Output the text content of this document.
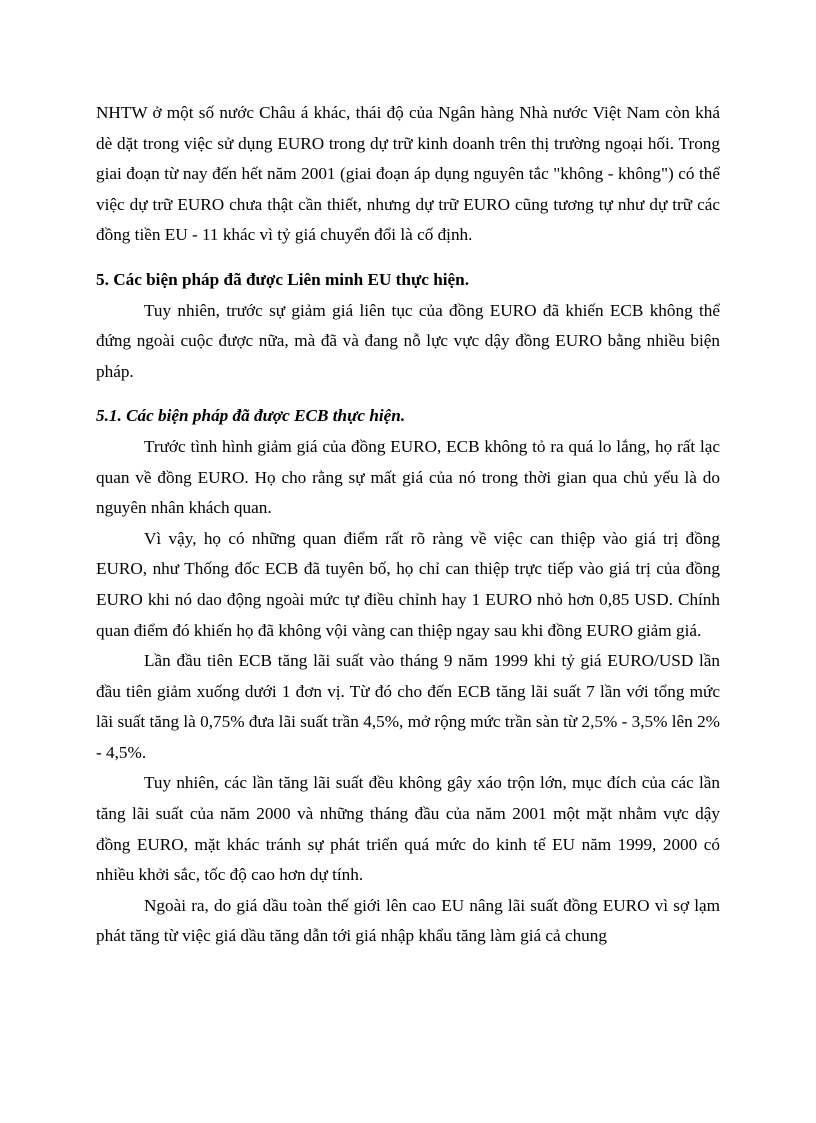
NHTW ở một số nước Châu á khác, thái độ của Ngân hàng Nhà nước Việt Nam còn khá dè dặt trong việc sử dụng EURO trong dự trữ kinh doanh trên thị trường ngoại hối. Trong giai đoạn từ nay đến hết năm 2001 (giai đoạn áp dụng nguyên tắc "không - không") có thể việc dự trữ EURO chưa thật cần thiết, nhưng dự trữ EURO cũng tương tự như dự trữ các đồng tiền EU - 11 khác vì tỷ giá chuyển đổi là cố định.

5. Các biện pháp đã được Liên minh EU thực hiện.

Tuy nhiên, trước sự giảm giá liên tục của đồng EURO đã khiến ECB không thể đứng ngoài cuộc được nữa, mà đã và đang nỗ lực vực dậy đồng EURO bằng nhiều biện pháp.

5.1. Các biện pháp đã được ECB thực hiện.

Trước tình hình giảm giá của đồng EURO, ECB không tỏ ra quá lo lắng, họ rất lạc quan về đồng EURO. Họ cho rằng sự mất giá của nó trong thời gian qua chủ yếu là do nguyên nhân khách quan.

Vì vậy, họ có những quan điểm rất rõ ràng về việc can thiệp vào giá trị đồng EURO, như Thống đốc ECB đã tuyên bố, họ chỉ can thiệp trực tiếp vào giá trị của đồng EURO khi nó dao động ngoài mức tự điều chỉnh hay 1 EURO nhỏ hơn 0,85 USD. Chính quan điểm đó khiến họ đã không vội vàng can thiệp ngay sau khi đồng EURO giảm giá.

Lần đầu tiên ECB tăng lãi suất vào tháng 9 năm 1999 khi tỷ giá EURO/USD lần đầu tiên giảm xuống dưới 1 đơn vị. Từ đó cho đến ECB tăng lãi suất 7 lần với tổng mức lãi suất tăng là 0,75% đưa lãi suất trần 4,5%, mở rộng mức trần sàn từ 2,5% - 3,5% lên 2% - 4,5%.

Tuy nhiên, các lần tăng lãi suất đều không gây xáo trộn lớn, mục đích của các lần tăng lãi suất của năm 2000 và những tháng đầu của năm 2001 một mặt nhằm vực dậy đồng EURO, mặt khác tránh sự phát triển quá mức do kinh tế EU năm 1999, 2000 có nhiều khởi sắc, tốc độ cao hơn dự tính.

Ngoài ra, do giá dầu toàn thế giới lên cao EU nâng lãi suất đồng EURO vì sợ lạm phát tăng từ việc giá dầu tăng dẫn tới giá nhập khẩu tăng làm giá cả chung
